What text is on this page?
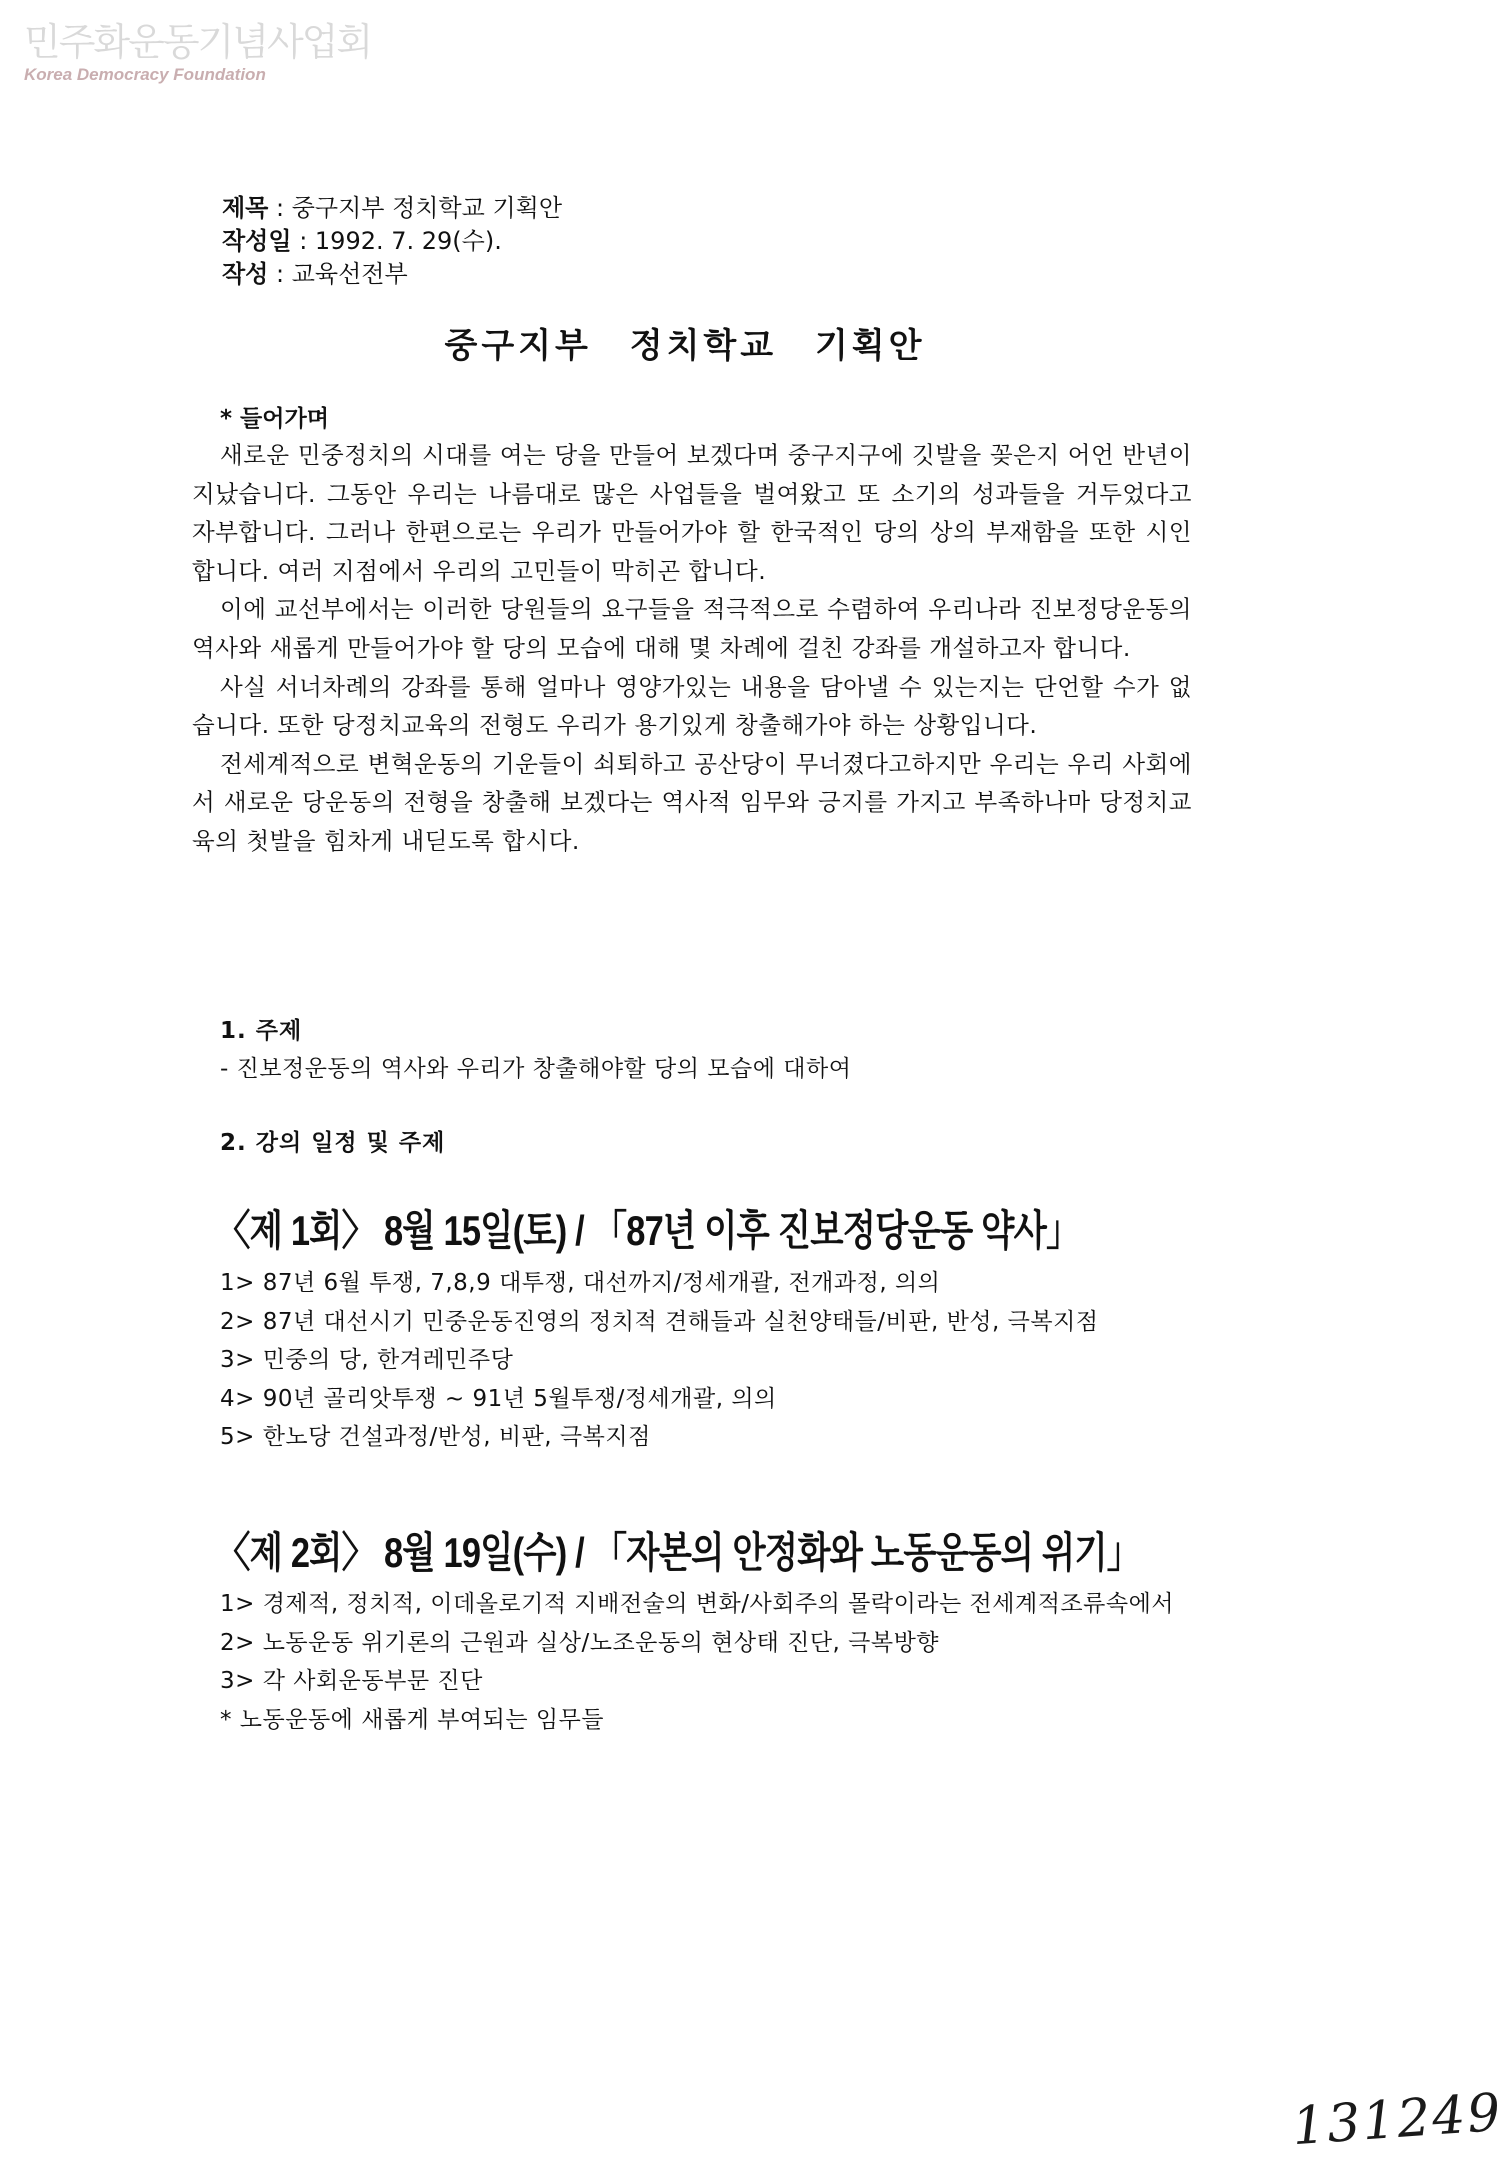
민주화운동기념사업회
Korea Democracy Foundation
제목 : 중구지부 정치학교 기획안
작성일 : 1992. 7. 29(수).
작성 : 교육선전부
중구지부 정치학교 기획안
* 들어가며

새로운 민중정치의 시대를 여는 당을 만들어 보겠다며 중구지구에 깃발을 꽂은지 어언 반년이 지났습니다. 그동안 우리는 나름대로 많은 사업들을 벌여왔고 또 소기의 성과들을 거두었다고 자부합니다. 그러나 한편으로는 우리가 만들어가야 할 한국적인 당의 상의 부재함을 또한 시인합니다. 여러 지점에서 우리의 고민들이 막히곤 합니다.

이에 교선부에서는 이러한 당원들의 요구들을 적극적으로 수렴하여 우리나라 진보정당운동의 역사와 새롭게 만들어가야 할 당의 모습에 대해 몇 차례에 걸친 강좌를 개설하고자 합니다.

사실 서너차례의 강좌를 통해 얼마나 영양가있는 내용을 담아낼 수 있는지는 단언할 수가 없습니다. 또한 당정치교육의 전형도 우리가 용기있게 창출해가야 하는 상황입니다.

전세계적으로 변혁운동의 기운들이 쇠퇴하고 공산당이 무너졌다고하지만 우리는 우리 사회에서 새로운 당운동의 전형을 창출해 보겠다는 역사적 임무와 긍지를 가지고 부족하나마 당정치교육의 첫발을 힘차게 내딛도록 합시다.

1. 주제
- 진보정운동의 역사와 우리가 창출해야할 당의 모습에 대하여
2. 강의 일정 및 주제
〈제 1회〉 8월 15일(토) / 「87년 이후 진보정당운동 약사」
1> 87년 6월 투쟁, 7,8,9 대투쟁, 대선까지/정세개괄, 전개과정, 의의
2> 87년 대선시기 민중운동진영의 정치적 견해들과 실천양태들/비판, 반성, 극복지점
3> 민중의 당, 한겨레민주당
4> 90년 골리앗투쟁 ~ 91년 5월투쟁/정세개괄, 의의
5> 한노당 건설과정/반성, 비판, 극복지점
〈제 2회〉 8월 19일(수) / 「자본의 안정화와 노동운동의 위기」
1> 경제적, 정치적, 이데올로기적 지배전술의 변화/사회주의 몰락이라는 전세계적조류속에서
2> 노동운동 위기론의 근원과 실상/노조운동의 현상태 진단, 극복방향
3> 각 사회운동부문 진단
* 노동운동에 새롭게 부여되는 임무들
131249
